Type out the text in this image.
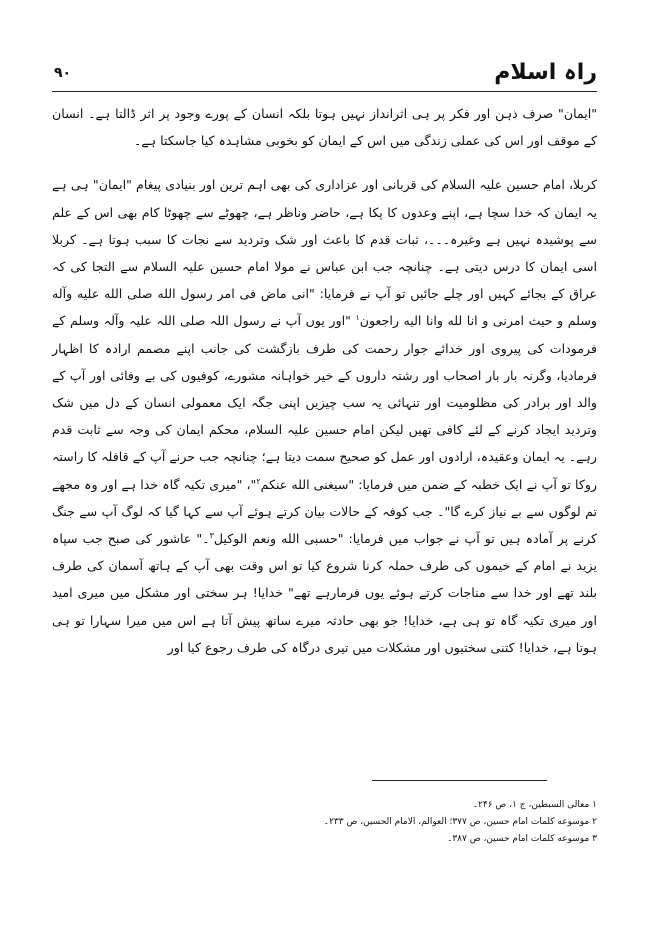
راہ اسلام
۹۰

"ایمان" صرف ذہن اور فکر پر ہی اثرانداز نہیں ہوتا بلکہ انسان کے پورے وجود پر اثر ڈالتا ہے۔ انسان کے موقف اور اس کی عملی زندگی میں اس کے ایمان کو بخوبی مشاہدہ کیا جاسکتا ہے۔

کربلا، امام حسین علیہ السلام کی قربانی اور عزاداری کی بھی اہم ترین اور بنیادی پیغام "ایمان" ہی ہے یہ ایمان کہ خدا سچا ہے، اپنے وعدوں کا پکا ہے، حاضر وناظر ہے، چھوٹے سے چھوٹا کام بھی اس کے علم سے پوشیدہ نہیں ہے وغیرہ۔۔۔، ثبات قدم کا باعث اور شک وتردید سے نجات کا سبب ہوتا ہے۔ کربلا اسی ایمان کا درس دیتی ہے۔ چنانچہ جب ابن عباس نے مولا امام حسین علیہ السلام سے التجا کی کہ عراق کے بجائے کہیں اور چلے جائیں تو آپ نے فرمایا: "انی ماض فی امر رسول الله صلی الله علیه وآله وسلم و حیث امرنی و انا لله وانا الیه راجعون$^۱$ "اور یوں آپ نے رسول اللہ صلی اللہ علیہ وآلہ وسلم کے فرمودات کی پیروی اور خدائے جوار رحمت کی طرف بازگشت کی جانب اپنے مصمم ارادہ کا اظہار فرمادیا، وگرنہ بار بار اصحاب اور رشتہ داروں کے خیر خواہانہ مشورے، کوفیوں کی بے وفائی اور آپ کے والد اور برادر کی مظلومیت اور تنہائی یہ سب چیزیں اپنی جگہ ایک معمولی انسان کے دل میں شک وتردید ایجاد کرنے کے لئے کافی تھیں لیکن امام حسین علیہ السلام، محکم ایمان کی وجہ سے ثابت قدم رہے۔ یہ ایمان وعقیدہ، ارادوں اور عمل کو صحیح سمت دیتا ہے؛ چنانچہ جب حرنے آپ کے قافلہ کا راستہ روکا تو آپ نے ایک خطبہ کے ضمن میں فرمایا: "سیغنی الله عنکم$^۲$"، "میری تکیہ گاہ خدا ہے اور وہ مجھے تم لوگوں سے بے نیاز کرے گا"۔ جب کوفہ کے حالات بیان کرتے ہوئے آپ سے کہا گیا کہ لوگ آپ سے جنگ کرنے پر آمادہ ہیں تو آپ نے جواب میں فرمایا: "حسبی الله ونعم الوکیل$^۳$۔" عاشور کی صبح جب سپاہ یزید نے امام کے خیموں کی طرف حملہ کرنا شروع کیا تو اس وقت بھی آپ کے ہاتھ آسمان کی طرف بلند تھے اور خدا سے مناجات کرتے ہوئے یوں فرمارہے تھے" خدایا! ہر سختی اور مشکل میں میری امید اور میری تکیہ گاہ تو ہی ہے، خدایا! جو بھی حادثہ میرے ساتھ پیش آتا ہے اس میں میرا سہارا تو ہی ہوتا ہے، خدایا! کتنی سختیوں اور مشکلات میں تیری درگاہ کی طرف رجوع کیا اور

۱ معالی السبطین، ج ۱، ص ۲۴۶۔

۲ موسوعه کلمات امام حسین، ص ۳۷۷؛ العوالم، الامام الحسین، ص ۲۳۳۔

۳ موسوعه کلمات امام حسین، ص ۳۸۷۔
